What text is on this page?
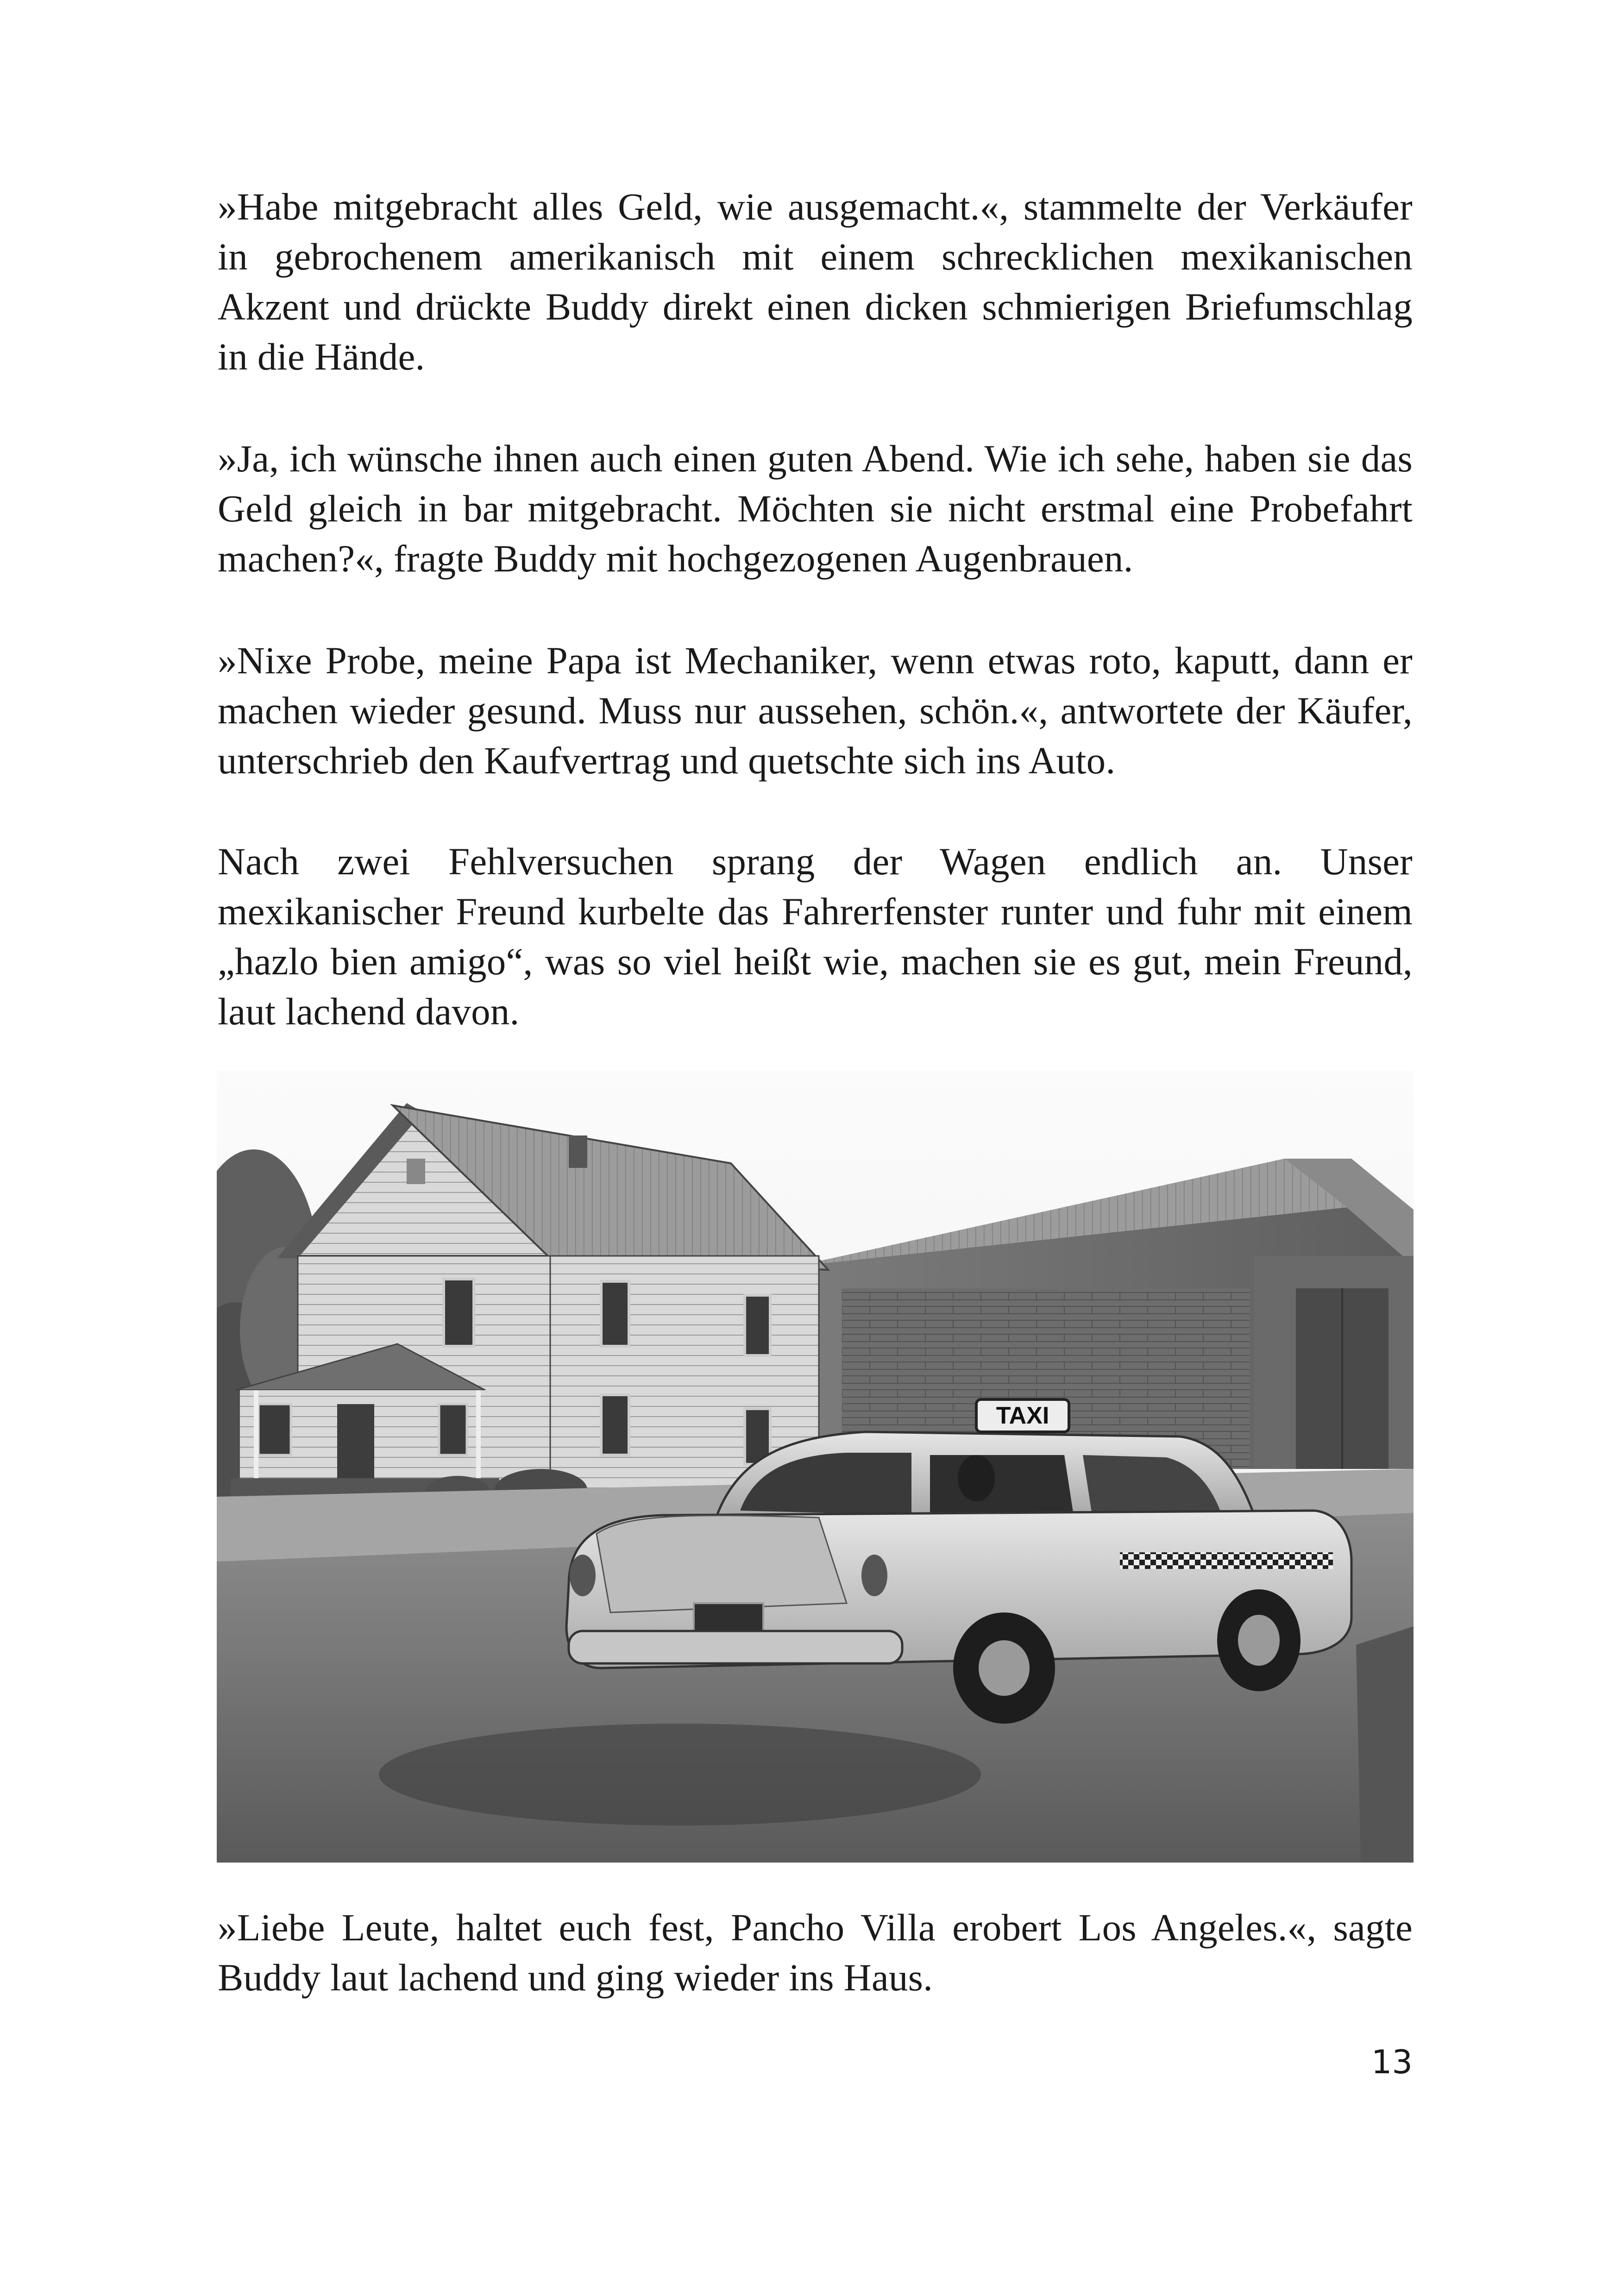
»Habe mitgebracht alles Geld, wie ausgemacht.«, stammelte der Verkäufer in gebrochenem amerikanisch mit einem schrecklichen mexikanischen Akzent und drückte Buddy direkt einen dicken schmierigen Briefumschlag in die Hände.

»Ja, ich wünsche ihnen auch einen guten Abend. Wie ich sehe, haben sie das Geld gleich in bar mitgebracht. Möchten sie nicht erstmal eine Probefahrt machen?«, fragte Buddy mit hochgezogenen Augenbrauen.

»Nixe Probe, meine Papa ist Mechaniker, wenn etwas roto, kaputt, dann er machen wieder gesund. Muss nur aussehen, schön.«, antwortete der Käufer, unterschrieb den Kaufvertrag und quetschte sich ins Auto.

Nach zwei Fehlversuchen sprang der Wagen endlich an. Unser mexikanischer Freund kurbelte das Fahrerfenster runter und fuhr mit einem „hazlo bien amigo“, was so viel heißt wie, machen sie es gut, mein Freund, laut lachend davon.

TAXI

»Liebe Leute, haltet euch fest, Pancho Villa erobert Los Angeles.«, sagte Buddy laut lachend und ging wieder ins Haus.

13
